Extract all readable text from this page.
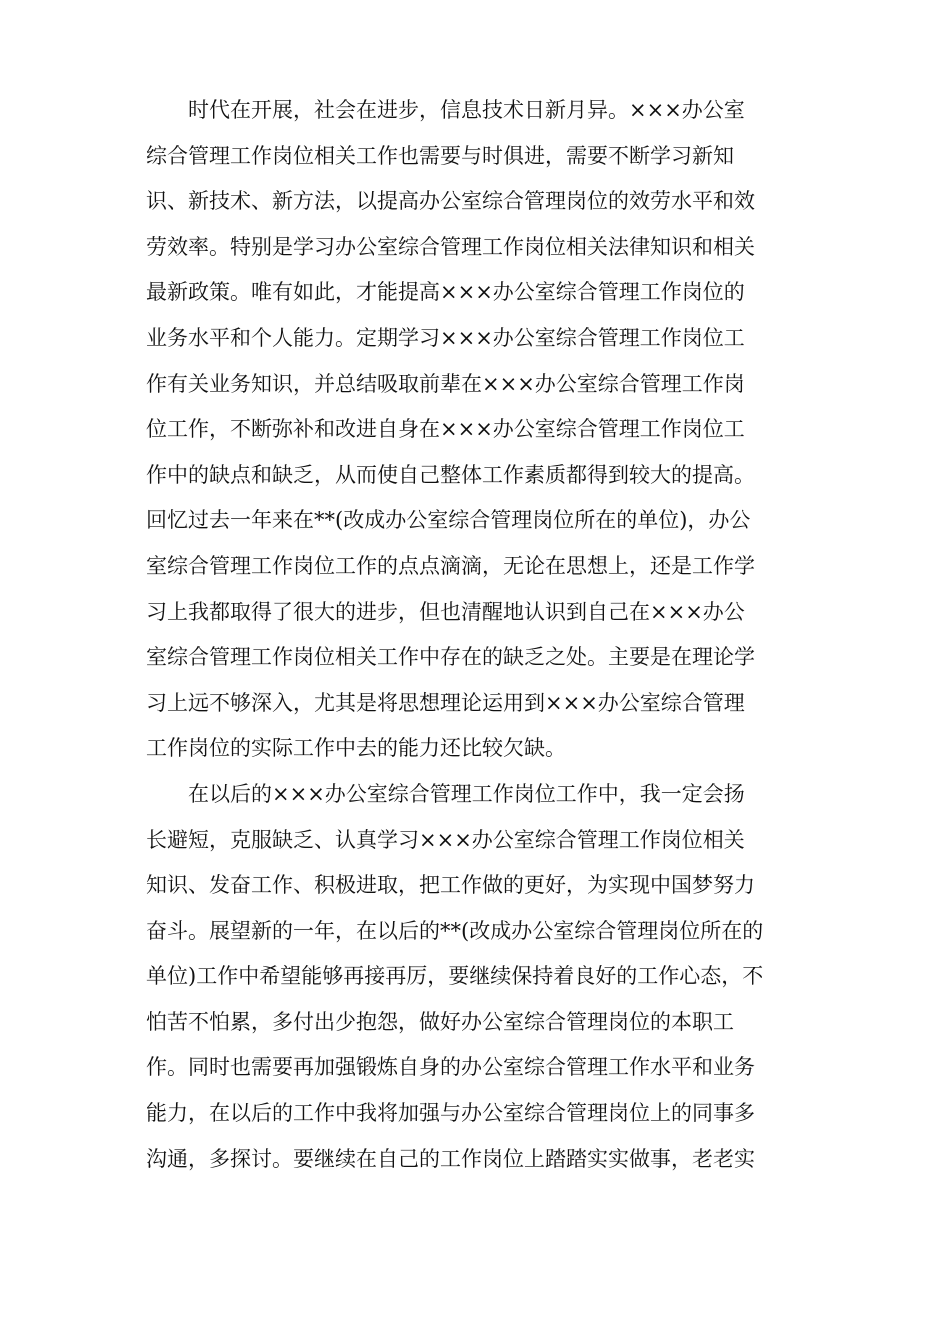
时代在开展，社会在进步，信息技术日新月异。×××办公室
综合管理工作岗位相关工作也需要与时俱进，需要不断学习新知
识、新技术、新方法，以提高办公室综合管理岗位的效劳水平和效
劳效率。特别是学习办公室综合管理工作岗位相关法律知识和相关
最新政策。唯有如此，才能提高×××办公室综合管理工作岗位的
业务水平和个人能力。定期学习×××办公室综合管理工作岗位工
作有关业务知识，并总结吸取前辈在×××办公室综合管理工作岗
位工作，不断弥补和改进自身在×××办公室综合管理工作岗位工
作中的缺点和缺乏，从而使自己整体工作素质都得到较大的提高。
回忆过去一年来在**(改成办公室综合管理岗位所在的单位)，办公
室综合管理工作岗位工作的点点滴滴，无论在思想上，还是工作学
习上我都取得了很大的进步，但也清醒地认识到自己在×××办公
室综合管理工作岗位相关工作中存在的缺乏之处。主要是在理论学
习上远不够深入，尤其是将思想理论运用到×××办公室综合管理
工作岗位的实际工作中去的能力还比较欠缺。
在以后的×××办公室综合管理工作岗位工作中，我一定会扬
长避短，克服缺乏、认真学习×××办公室综合管理工作岗位相关
知识、发奋工作、积极进取，把工作做的更好，为实现中国梦努力
奋斗。展望新的一年，在以后的**(改成办公室综合管理岗位所在的
单位)工作中希望能够再接再厉，要继续保持着良好的工作心态，不
怕苦不怕累，多付出少抱怨，做好办公室综合管理岗位的本职工
作。同时也需要再加强锻炼自身的办公室综合管理工作水平和业务
能力，在以后的工作中我将加强与办公室综合管理岗位上的同事多
沟通，多探讨。要继续在自己的工作岗位上踏踏实实做事，老老实
